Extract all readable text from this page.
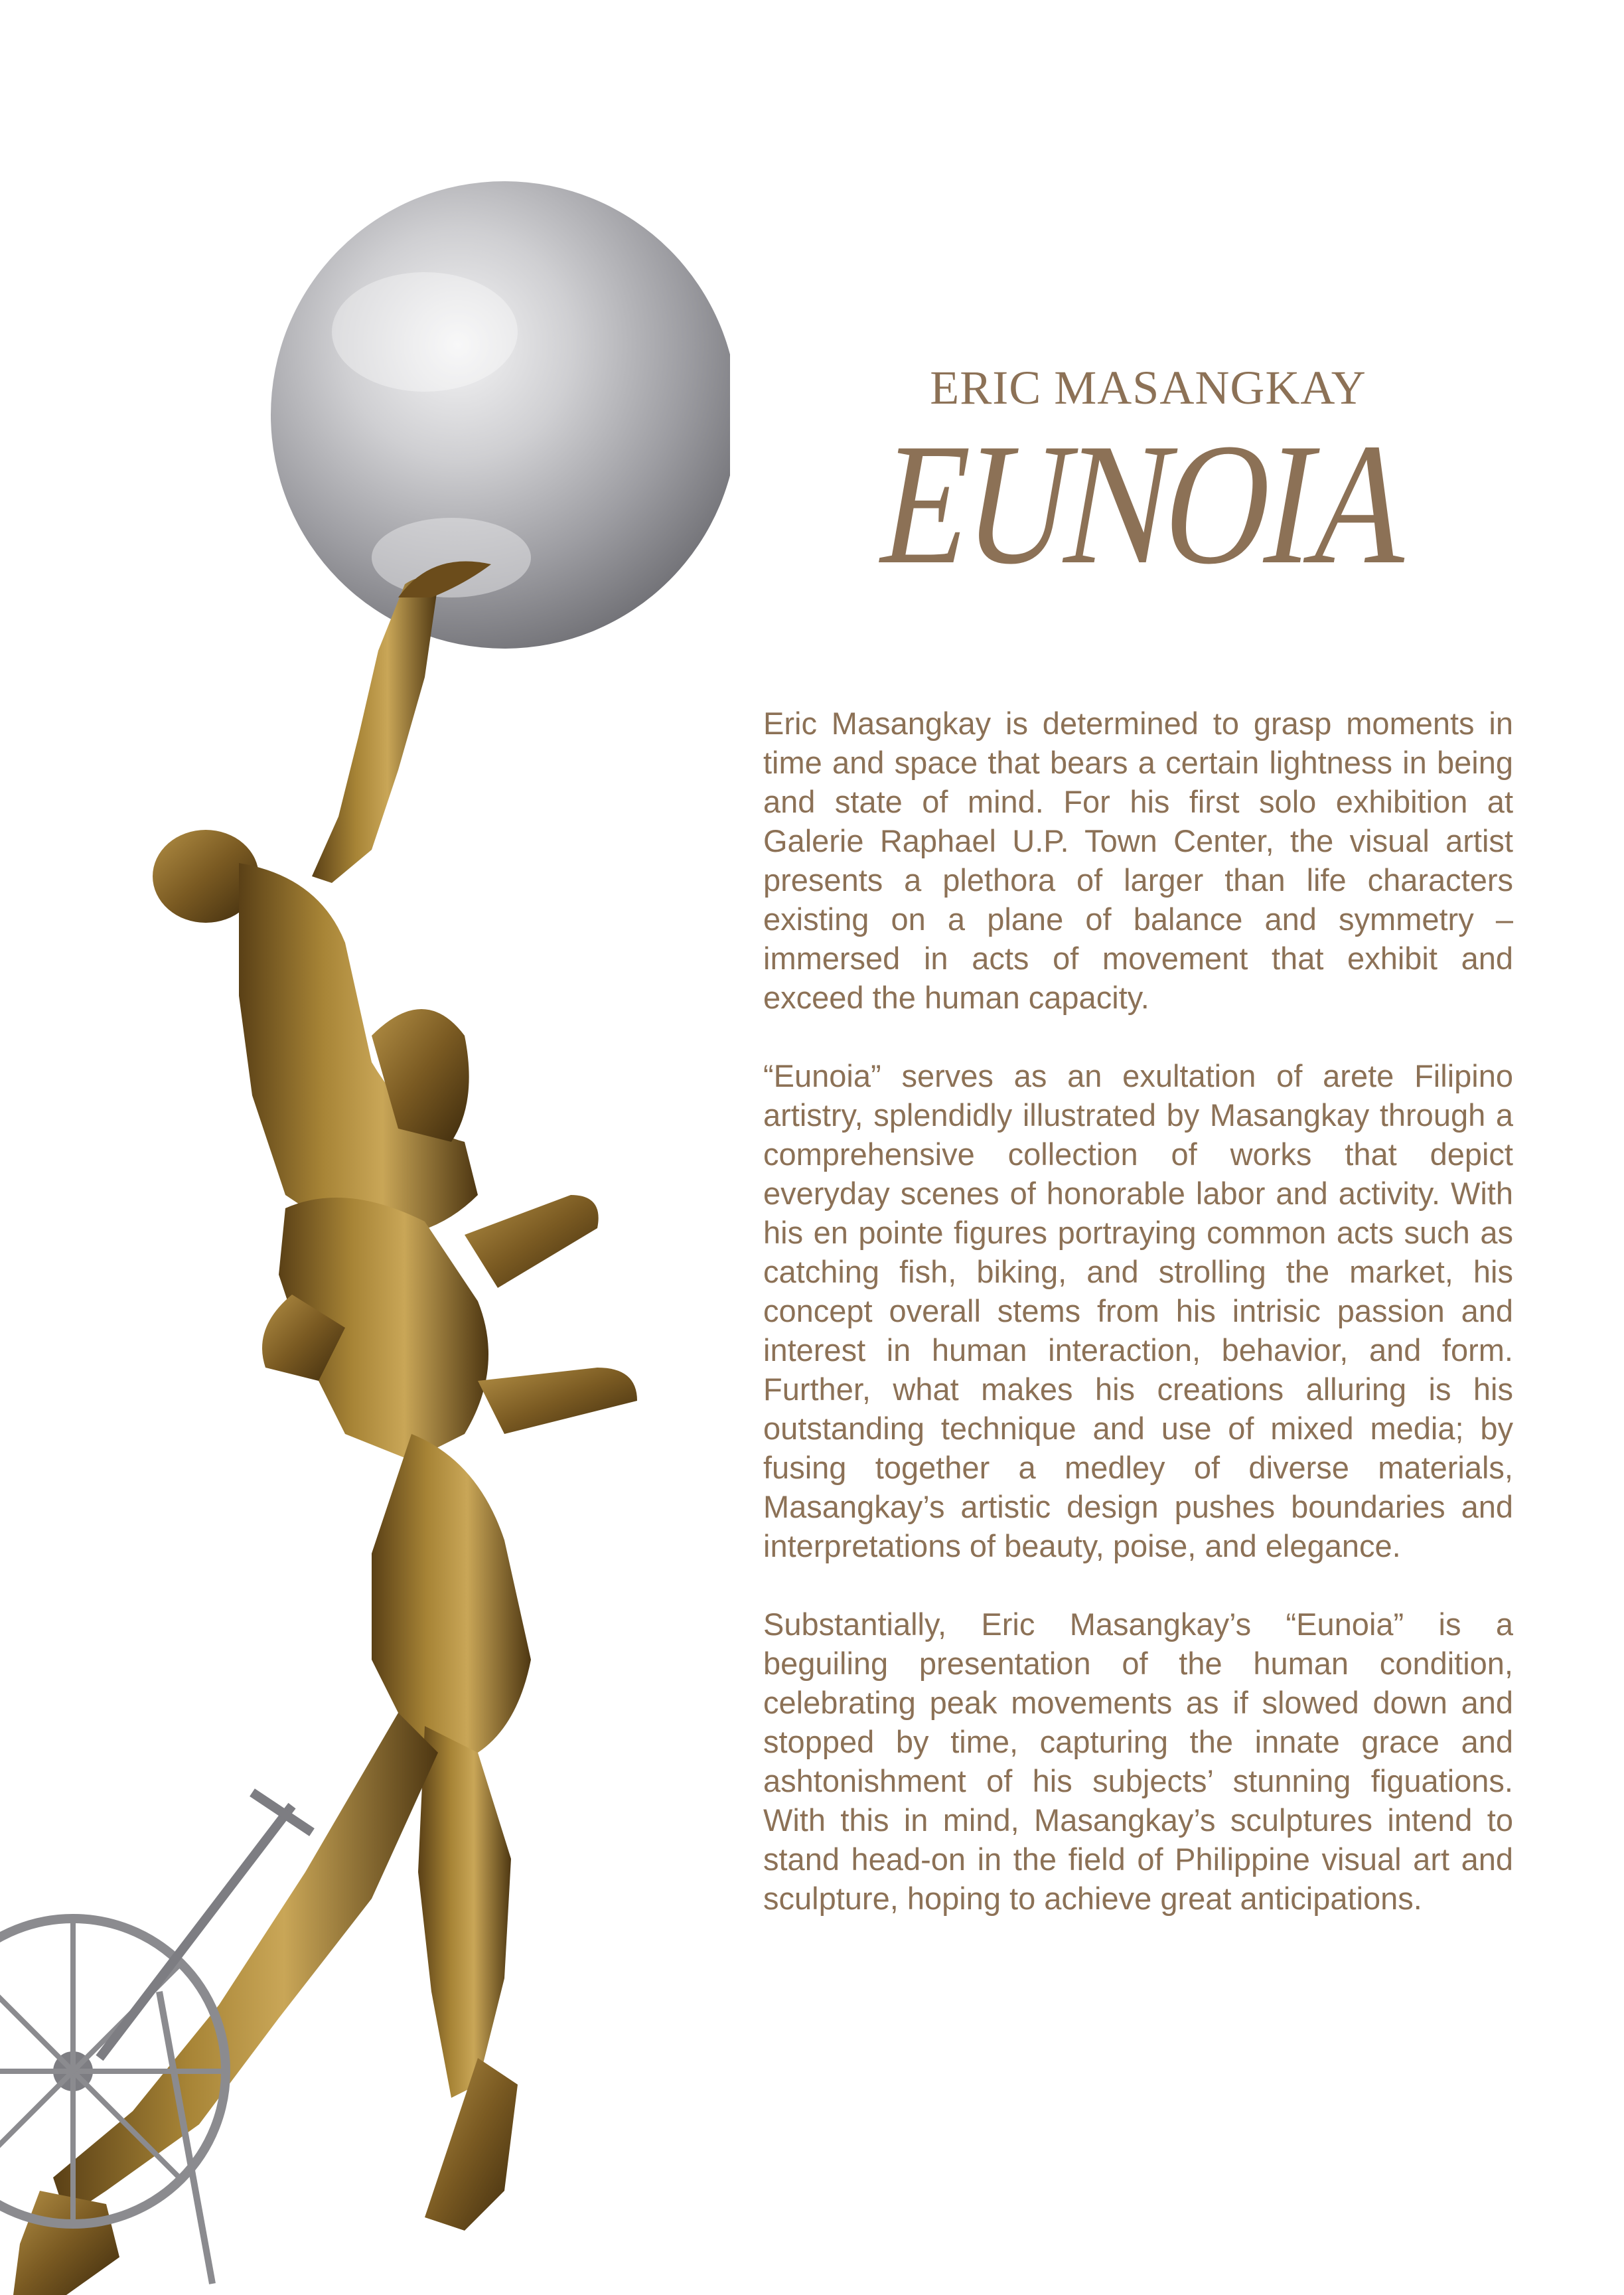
ERIC MASANGKAY
EUNOIA

Eric Masangkay is determined to grasp moments in time and space that bears a certain lightness in being and state of mind. For his first solo exhibition at Galerie Raphael U.P. Town Center, the visual artist presents a plethora of larger than life characters existing on a plane of balance and symmetry – immersed in acts of movement that exhibit and exceed the human capacity.

“Eunoia” serves as an exultation of arete Filipino artistry, splendidly illustrated by Masangkay through a comprehensive collection of works that depict everyday scenes of honorable labor and activity. With his en pointe figures portraying common acts such as catching fish, biking, and strolling the market, his concept overall stems from his intrisic passion and interest in human interaction, behavior, and form. Further, what makes his creations alluring is his outstanding technique and use of mixed media; by fusing together a medley of diverse materials, Masangkay’s artistic design pushes boundaries and interpretations of beauty, poise, and elegance.

Substantially, Eric Masangkay’s “Eunoia” is a beguiling presentation of the human condition, celebrating peak movements as if slowed down and stopped by time, capturing the innate grace and ashtonishment of his subjects’ stunning figuations. With this in mind, Masangkay’s sculptures intend to stand head-on in the field of Philippine visual art and sculpture, hoping to achieve great anticipations.
